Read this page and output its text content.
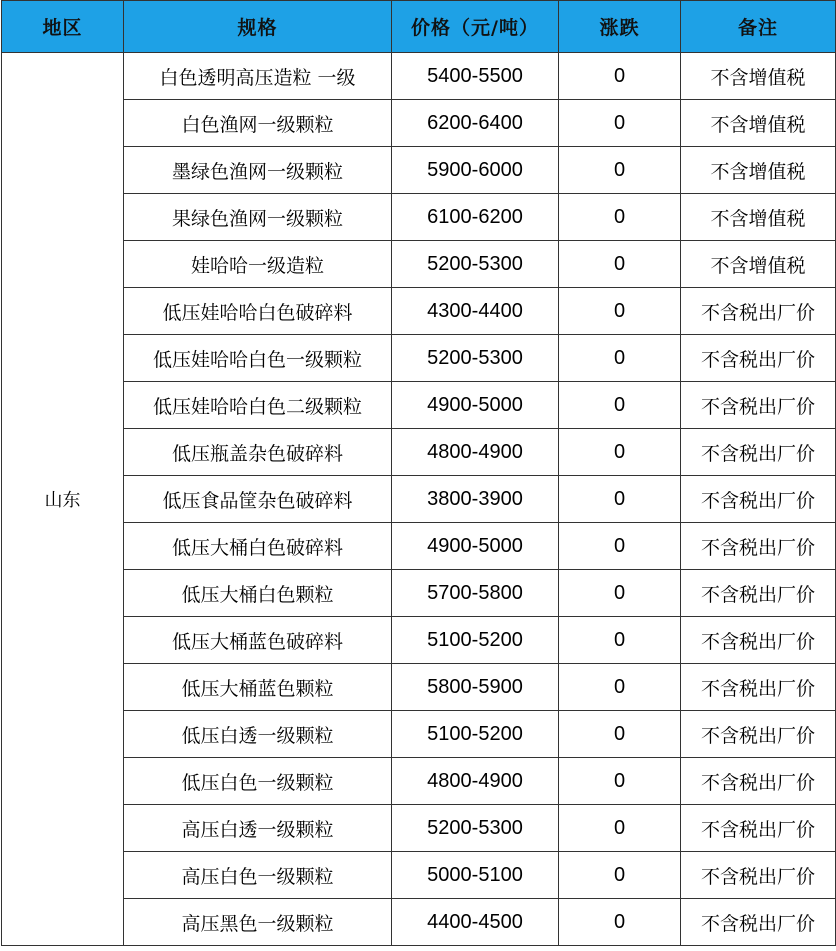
地区	规格	价格（元/吨）	涨跌	备注
山东	白色透明高压造粒 一级	5400-5500	0	不含增值税
	白色渔网一级颗粒	6200-6400	0	不含增值税
	墨绿色渔网一级颗粒	5900-6000	0	不含增值税
	果绿色渔网一级颗粒	6100-6200	0	不含增值税
	娃哈哈一级造粒	5200-5300	0	不含增值税
	低压娃哈哈白色破碎料	4300-4400	0	不含税出厂价
	低压娃哈哈白色一级颗粒	5200-5300	0	不含税出厂价
	低压娃哈哈白色二级颗粒	4900-5000	0	不含税出厂价
	低压瓶盖杂色破碎料	4800-4900	0	不含税出厂价
	低压食品筐杂色破碎料	3800-3900	0	不含税出厂价
	低压大桶白色破碎料	4900-5000	0	不含税出厂价
	低压大桶白色颗粒	5700-5800	0	不含税出厂价
	低压大桶蓝色破碎料	5100-5200	0	不含税出厂价
	低压大桶蓝色颗粒	5800-5900	0	不含税出厂价
	低压白透一级颗粒	5100-5200	0	不含税出厂价
	低压白色一级颗粒	4800-4900	0	不含税出厂价
	高压白透一级颗粒	5200-5300	0	不含税出厂价
	高压白色一级颗粒	5000-5100	0	不含税出厂价
	高压黑色一级颗粒	4400-4500	0	不含税出厂价
